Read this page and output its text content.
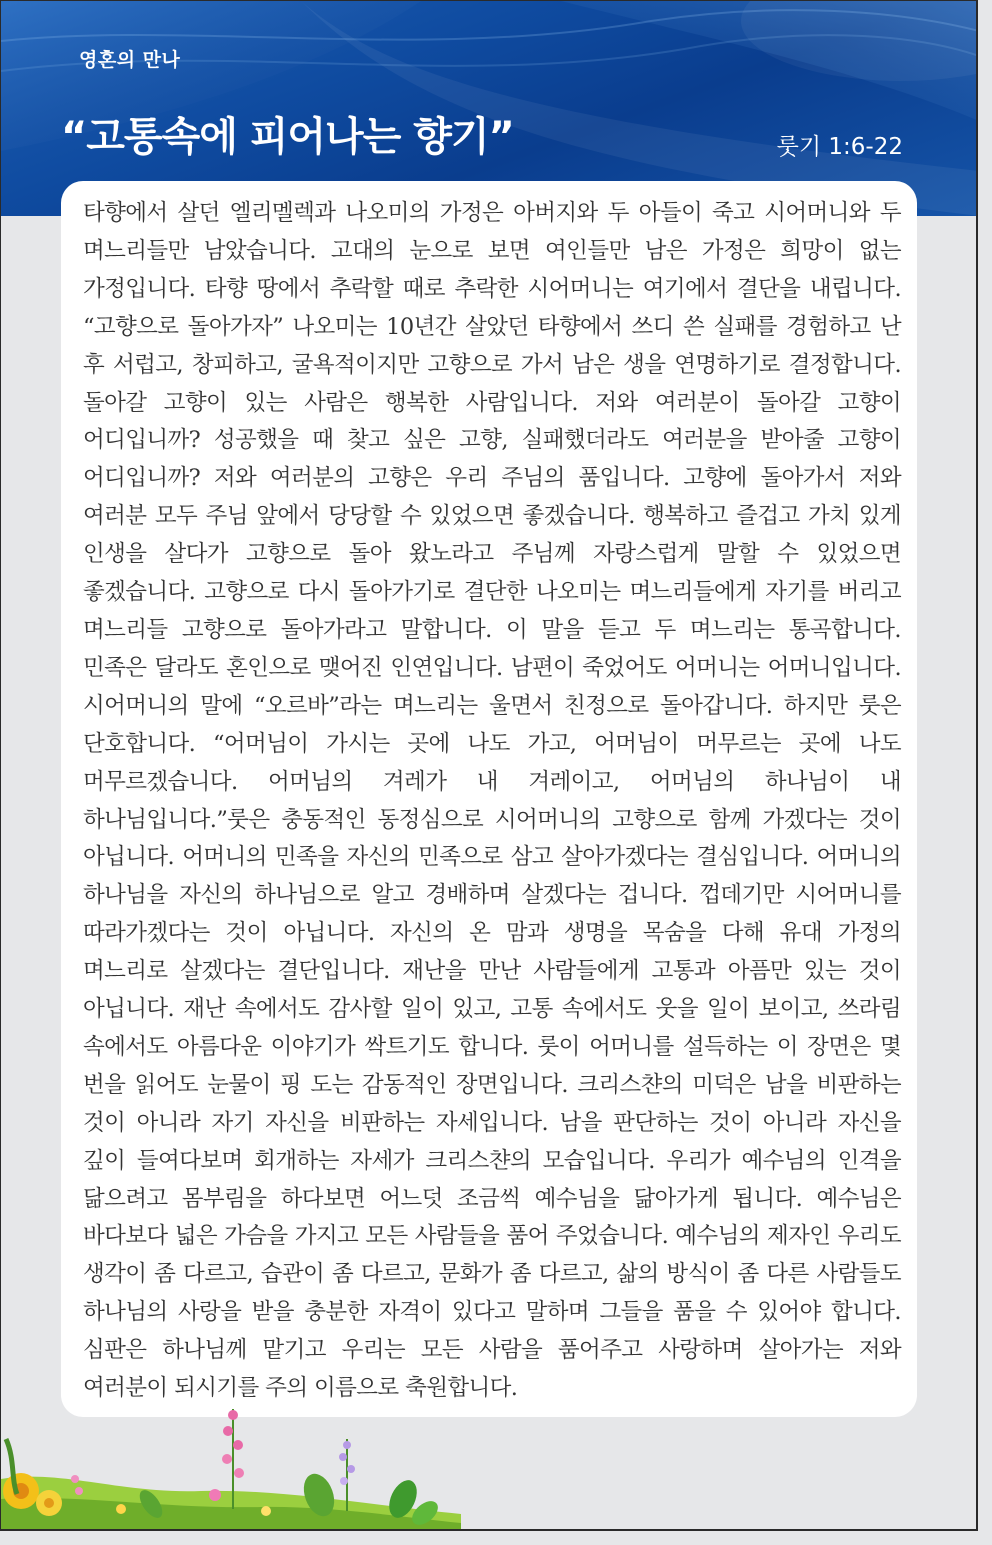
영혼의 만나
“고통속에 피어나는 향기”	룻기 1:6-22

타향에서 살던 엘리멜렉과 나오미의 가정은 아버지와 두 아들이 죽고 시어머니와 두 며느리들만 남았습니다. 고대의 눈으로 보면 여인들만 남은 가정은 희망이 없는 가정입니다. 타향 땅에서 추락할 때로 추락한 시어머니는 여기에서 결단을 내립니다. “고향으로 돌아가자” 나오미는 10년간 살았던 타향에서 쓰디 쓴 실패를 경험하고 난 후 서럽고, 창피하고, 굴욕적이지만 고향으로 가서 남은 생을 연명하기로 결정합니다. 돌아갈 고향이 있는 사람은 행복한 사람입니다. 저와 여러분이 돌아갈 고향이 어디입니까? 성공했을 때 찾고 싶은 고향, 실패했더라도 여러분을 받아줄 고향이 어디입니까? 저와 여러분의 고향은 우리 주님의 품입니다. 고향에 돌아가서 저와 여러분 모두 주님 앞에서 당당할 수 있었으면 좋겠습니다. 행복하고 즐겁고 가치 있게 인생을 살다가 고향으로 돌아 왔노라고 주님께 자랑스럽게 말할 수 있었으면 좋겠습니다. 고향으로 다시 돌아가기로 결단한 나오미는 며느리들에게 자기를 버리고 며느리들 고향으로 돌아가라고 말합니다. 이 말을 듣고 두 며느리는 통곡합니다. 민족은 달라도 혼인으로 맺어진 인연입니다. 남편이 죽었어도 어머니는 어머니입니다. 시어머니의 말에 “오르바”라는 며느리는 울면서 친정으로 돌아갑니다. 하지만 룻은 단호합니다. “어머님이 가시는 곳에 나도 가고, 어머님이 머무르는 곳에 나도 머무르겠습니다. 어머님의 겨레가 내 겨레이고, 어머님의 하나님이 내 하나님입니다.”룻은 충동적인 동정심으로 시어머니의 고향으로 함께 가겠다는 것이 아닙니다. 어머니의 민족을 자신의 민족으로 삼고 살아가겠다는 결심입니다. 어머니의 하나님을 자신의 하나님으로 알고 경배하며 살겠다는 겁니다. 껍데기만 시어머니를 따라가겠다는 것이 아닙니다. 자신의 온 맘과 생명을 목숨을 다해 유대 가정의 며느리로 살겠다는 결단입니다. 재난을 만난 사람들에게 고통과 아픔만 있는 것이 아닙니다. 재난 속에서도 감사할 일이 있고, 고통 속에서도 웃을 일이 보이고, 쓰라림 속에서도 아름다운 이야기가 싹트기도 합니다. 룻이 어머니를 설득하는 이 장면은 몇 번을 읽어도 눈물이 핑 도는 감동적인 장면입니다. 크리스챤의 미덕은 남을 비판하는 것이 아니라 자기 자신을 비판하는 자세입니다. 남을 판단하는 것이 아니라 자신을 깊이 들여다보며 회개하는 자세가 크리스챤의 모습입니다. 우리가 예수님의 인격을 닮으려고 몸부림을 하다보면 어느덧 조금씩 예수님을 닮아가게 됩니다. 예수님은 바다보다 넓은 가슴을 가지고 모든 사람들을 품어 주었습니다. 예수님의 제자인 우리도 생각이 좀 다르고, 습관이 좀 다르고, 문화가 좀 다르고, 삶의 방식이 좀 다른 사람들도 하나님의 사랑을 받을 충분한 자격이 있다고 말하며 그들을 품을 수 있어야 합니다. 심판은 하나님께 맡기고 우리는 모든 사람을 품어주고 사랑하며 살아가는 저와 여러분이 되시기를 주의 이름으로 축원합니다.
